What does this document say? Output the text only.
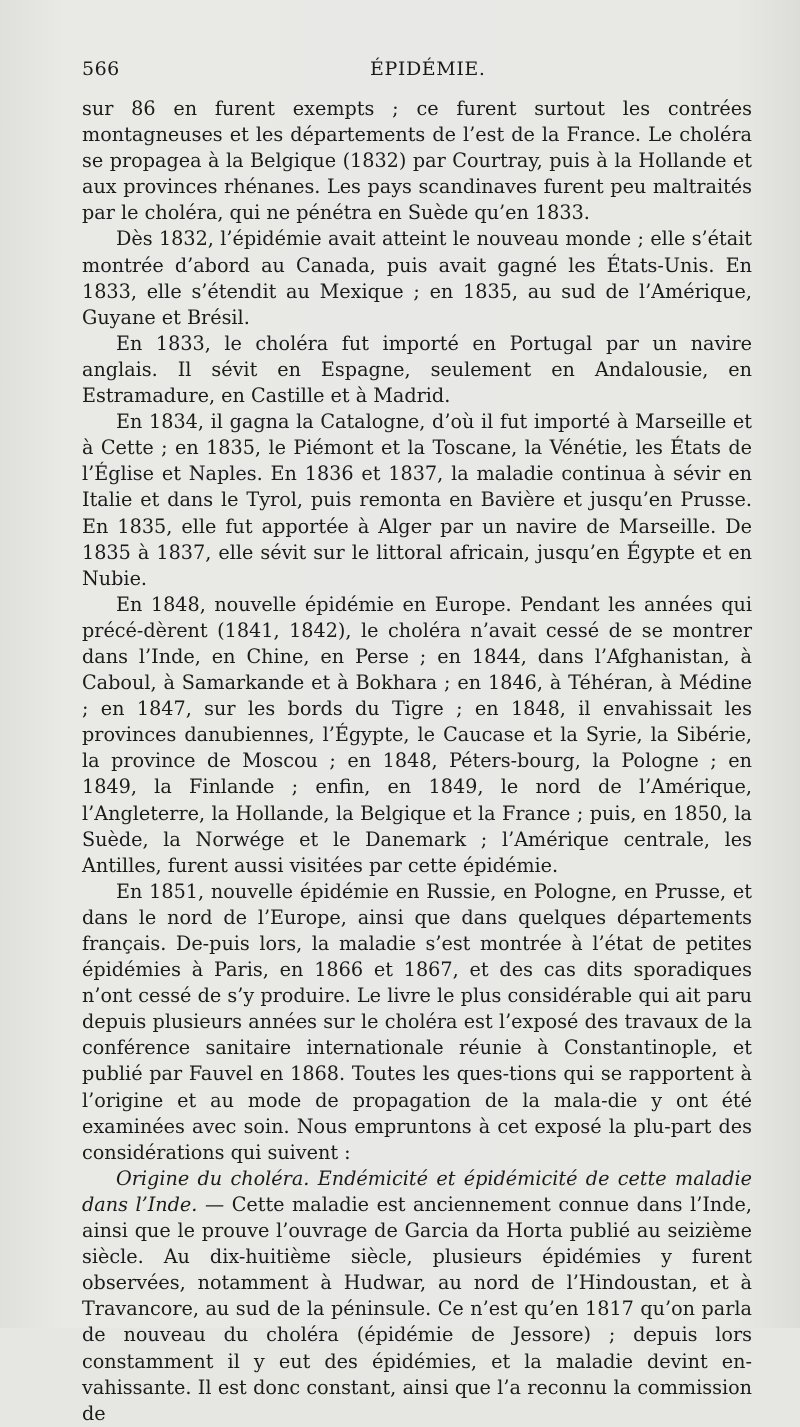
566	ÉPIDÉMIE.

sur 86 en furent exempts ; ce furent surtout les contrées montagneuses et les départements de l’est de la France. Le choléra se propagea à la Belgique (1832) par Courtray, puis à la Hollande et aux provinces rhénanes. Les pays scandinaves furent peu maltraités par le choléra, qui ne pénétra en Suède qu’en 1833.

Dès 1832, l’épidémie avait atteint le nouveau monde ; elle s’était montrée d’abord au Canada, puis avait gagné les États-Unis. En 1833, elle s’étendit au Mexique ; en 1835, au sud de l’Amérique, Guyane et Brésil.

En 1833, le choléra fut importé en Portugal par un navire anglais. Il sévit en Espagne, seulement en Andalousie, en Estramadure, en Castille et à Madrid.

En 1834, il gagna la Catalogne, d’où il fut importé à Marseille et à Cette ; en 1835, le Piémont et la Toscane, la Vénétie, les États de l’Église et Naples. En 1836 et 1837, la maladie continua à sévir en Italie et dans le Tyrol, puis remonta en Bavière et jusqu’en Prusse. En 1835, elle fut apportée à Alger par un navire de Marseille. De 1835 à 1837, elle sévit sur le littoral africain, jusqu’en Égypte et en Nubie.

En 1848, nouvelle épidémie en Europe. Pendant les années qui précé-dèrent (1841, 1842), le choléra n’avait cessé de se montrer dans l’Inde, en Chine, en Perse ; en 1844, dans l’Afghanistan, à Caboul, à Samarkande et à Bokhara ; en 1846, à Téhéran, à Médine ; en 1847, sur les bords du Tigre ; en 1848, il envahissait les provinces danubiennes, l’Égypte, le Caucase et la Syrie, la Sibérie, la province de Moscou ; en 1848, Péters-bourg, la Pologne ; en 1849, la Finlande ; enfin, en 1849, le nord de l’Amérique, l’Angleterre, la Hollande, la Belgique et la France ; puis, en 1850, la Suède, la Norwége et le Danemark ; l’Amérique centrale, les Antilles, furent aussi visitées par cette épidémie.

En 1851, nouvelle épidémie en Russie, en Pologne, en Prusse, et dans le nord de l’Europe, ainsi que dans quelques départements français. De-puis lors, la maladie s’est montrée à l’état de petites épidémies à Paris, en 1866 et 1867, et des cas dits sporadiques n’ont cessé de s’y produire. Le livre le plus considérable qui ait paru depuis plusieurs années sur le choléra est l’exposé des travaux de la conférence sanitaire internationale réunie à Constantinople, et publié par Fauvel en 1868. Toutes les ques-tions qui se rapportent à l’origine et au mode de propagation de la mala-die y ont été examinées avec soin. Nous empruntons à cet exposé la plu-part des considérations qui suivent :

Origine du choléra. Endémicité et épidémicité de cette maladie dans l’Inde. — Cette maladie est anciennement connue dans l’Inde, ainsi que le prouve l’ouvrage de Garcia da Horta publié au seizième siècle. Au dix-huitième siècle, plusieurs épidémies y furent observées, notamment à Hudwar, au nord de l’Hindoustan, et à Travancore, au sud de la péninsule. Ce n’est qu’en 1817 qu’on parla de nouveau du choléra (épidémie de Jessore) ; depuis lors constamment il y eut des épidémies, et la maladie devint en-vahissante. Il est donc constant, ainsi que l’a reconnu la commission de
